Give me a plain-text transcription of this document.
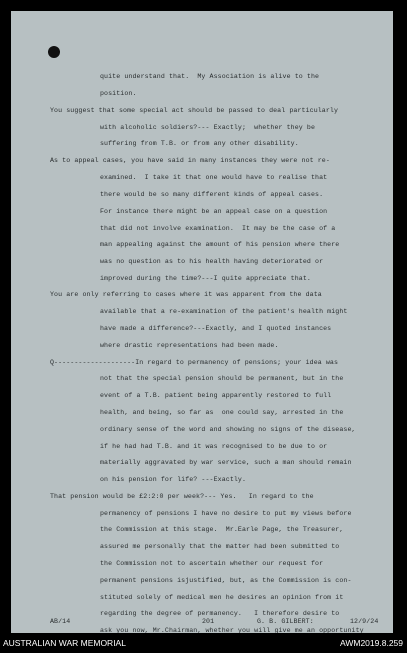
quite understand that.  My Association is alive to the
position.
You suggest that some special act should be passed to deal particularly
with alcoholic soldiers?--- Exactly;  whether they be
suffering from T.B. or from any other disability.
As to appeal cases, you have said in many instances they were not re-
examined.  I take it that one would have to realise that
there would be so many different kinds of appeal cases.
For instance there might be an appeal case on a question
that did not involve examination.  It may be the case of a
man appealing against the amount of his pension where there
was no question as to his health having deteriorated or
improved during the time?---I quite appreciate that.
You are only referring to cases where it was apparent from the data
available that a re-examination of the patient's health might
have made a difference?---Exactly, and I quoted instances
where drastic representations had been made.
Q--------------------In regard to permanency of pensions; your idea was
not that the special pension should be permanent, but in the
event of a T.B. patient being apparently restored to full
health, and being, so far as  one could say, arrested in the
ordinary sense of the word and showing no signs of the disease,
if he had had T.B. and it was recognised to be due to or
materially aggravated by war service, such a man should remain
on his pension for life? ---Exactly.
That pension would be £2:2:0 per week?--- Yes.   In regard to the
permanency of pensions I have no desire to put my views before
the Commission at this stage.  Mr.Earle Page, the Treasurer,
assured me personally that the matter had been submitted to
the Commission not to ascertain whether our request for
permanent pensions isjustified, but, as the Commission is con-
stituted solely of medical men he desires an opinion from it
regarding the degree of permanency.   I therefore desire to
ask you now, Mr.Chairman, whether you will give me an opportunity
AB/14	201	G. B. GILBERT:	12/9/24
AUSTRALIAN WAR MEMORIAL	AWM2019.8.259
